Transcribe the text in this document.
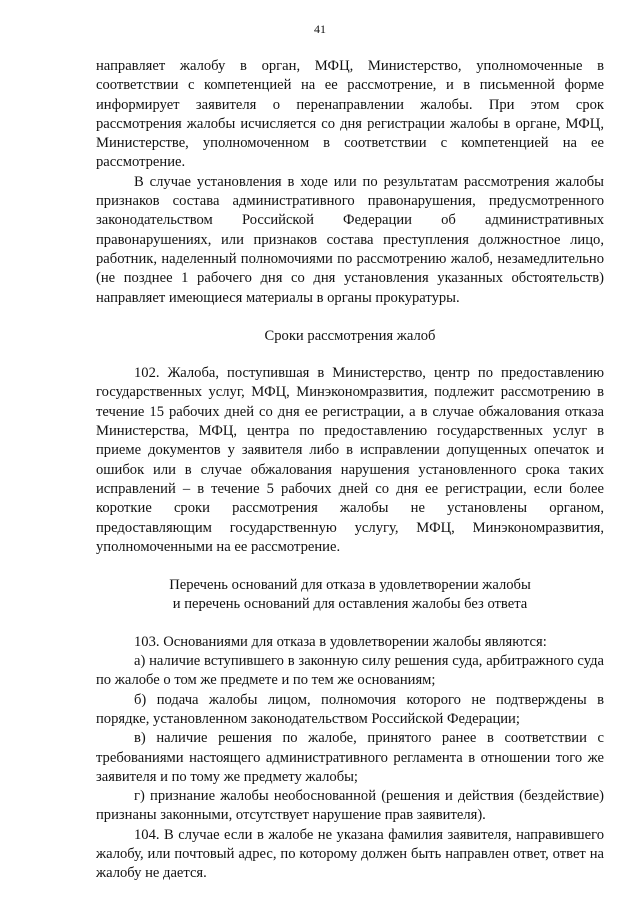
41

направляет жалобу в орган, МФЦ, Министерство, уполномоченные в соответствии с компетенцией на ее рассмотрение, и в письменной форме информирует заявителя о перенаправлении жалобы. При этом срок рассмотрения жалобы исчисляется со дня регистрации жалобы в органе, МФЦ, Министерстве, уполномоченном в соответствии с компетенцией на ее рассмотрение.

В случае установления в ходе или по результатам рассмотрения жалобы признаков состава административного правонарушения, предусмотренного законодательством Российской Федерации об административных правонарушениях, или признаков состава преступления должностное лицо, работник, наделенный полномочиями по рассмотрению жалоб, незамедлительно (не позднее 1 рабочего дня со дня установления указанных обстоятельств) направляет имеющиеся материалы в органы прокуратуры.

Сроки рассмотрения жалоб

102. Жалоба, поступившая в Министерство, центр по предоставлению государственных услуг, МФЦ, Минэкономразвития, подлежит рассмотрению в течение 15 рабочих дней со дня ее регистрации, а в случае обжалования отказа Министерства, МФЦ, центра по предоставлению государственных услуг в приеме документов у заявителя либо в исправлении допущенных опечаток и ошибок или в случае обжалования нарушения установленного срока таких исправлений – в течение 5 рабочих дней со дня ее регистрации, если более короткие сроки рассмотрения жалобы не установлены органом, предоставляющим государственную услугу, МФЦ, Минэкономразвития, уполномоченными на ее рассмотрение.

Перечень оснований для отказа в удовлетворении жалобы

и перечень оснований для оставления жалобы без ответа

103. Основаниями для отказа в удовлетворении жалобы являются:

а) наличие вступившего в законную силу решения суда, арбитражного суда по жалобе о том же предмете и по тем же основаниям;

б) подача жалобы лицом, полномочия которого не подтверждены в порядке, установленном законодательством Российской Федерации;

в) наличие решения по жалобе, принятого ранее в соответствии с требованиями настоящего административного регламента в отношении того же заявителя и по тому же предмету жалобы;

г) признание жалобы необоснованной (решения и действия (бездействие) признаны законными, отсутствует нарушение прав заявителя).

104. В случае если в жалобе не указана фамилия заявителя, направившего жалобу, или почтовый адрес, по которому должен быть направлен ответ, ответ на жалобу не дается.
